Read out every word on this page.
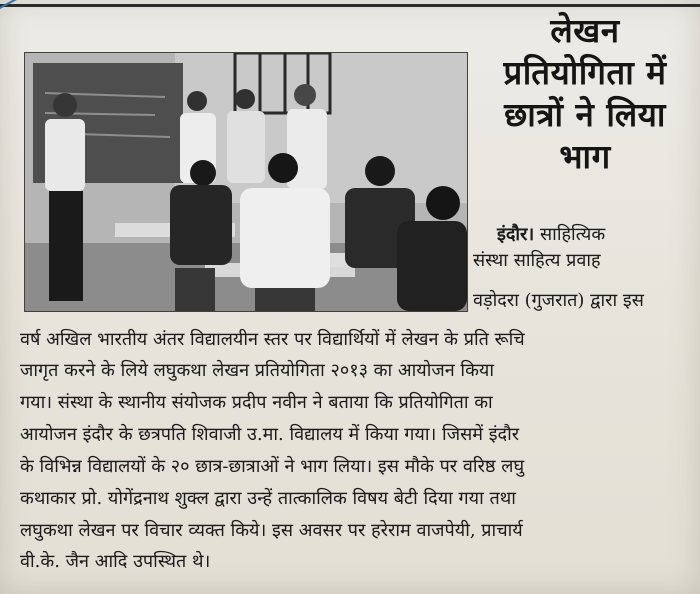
लेखन
प्रतियोगिता में
छात्रों ने लिया
भाग
इंदौर। साहित्यिक
संस्था साहित्य प्रवाह
वड़ोदरा (गुजरात) द्वारा इस
वर्ष अखिल भारतीय अंतर विद्यालयीन स्तर पर विद्यार्थियों में लेखन के प्रति रूचि
जागृत करने के लिये लघुकथा लेखन प्रतियोगिता २०१३ का आयोजन किया
गया। संस्था के स्थानीय संयोजक प्रदीप नवीन ने बताया कि प्रतियोगिता का
आयोजन इंदौर के छत्रपति शिवाजी उ.मा. विद्यालय में किया गया। जिसमें इंदौर
के विभिन्न विद्यालयों के २० छात्र-छात्राओं ने भाग लिया। इस मौके पर वरिष्ठ लघु
कथाकार प्रो. योगेंद्रनाथ शुक्ल द्वारा उन्हें तात्कालिक विषय बेटी दिया गया तथा
लघुकथा लेखन पर विचार व्यक्त किये। इस अवसर पर हरेराम वाजपेयी, प्राचार्य
वी.के. जैन आदि उपस्थित थे।
